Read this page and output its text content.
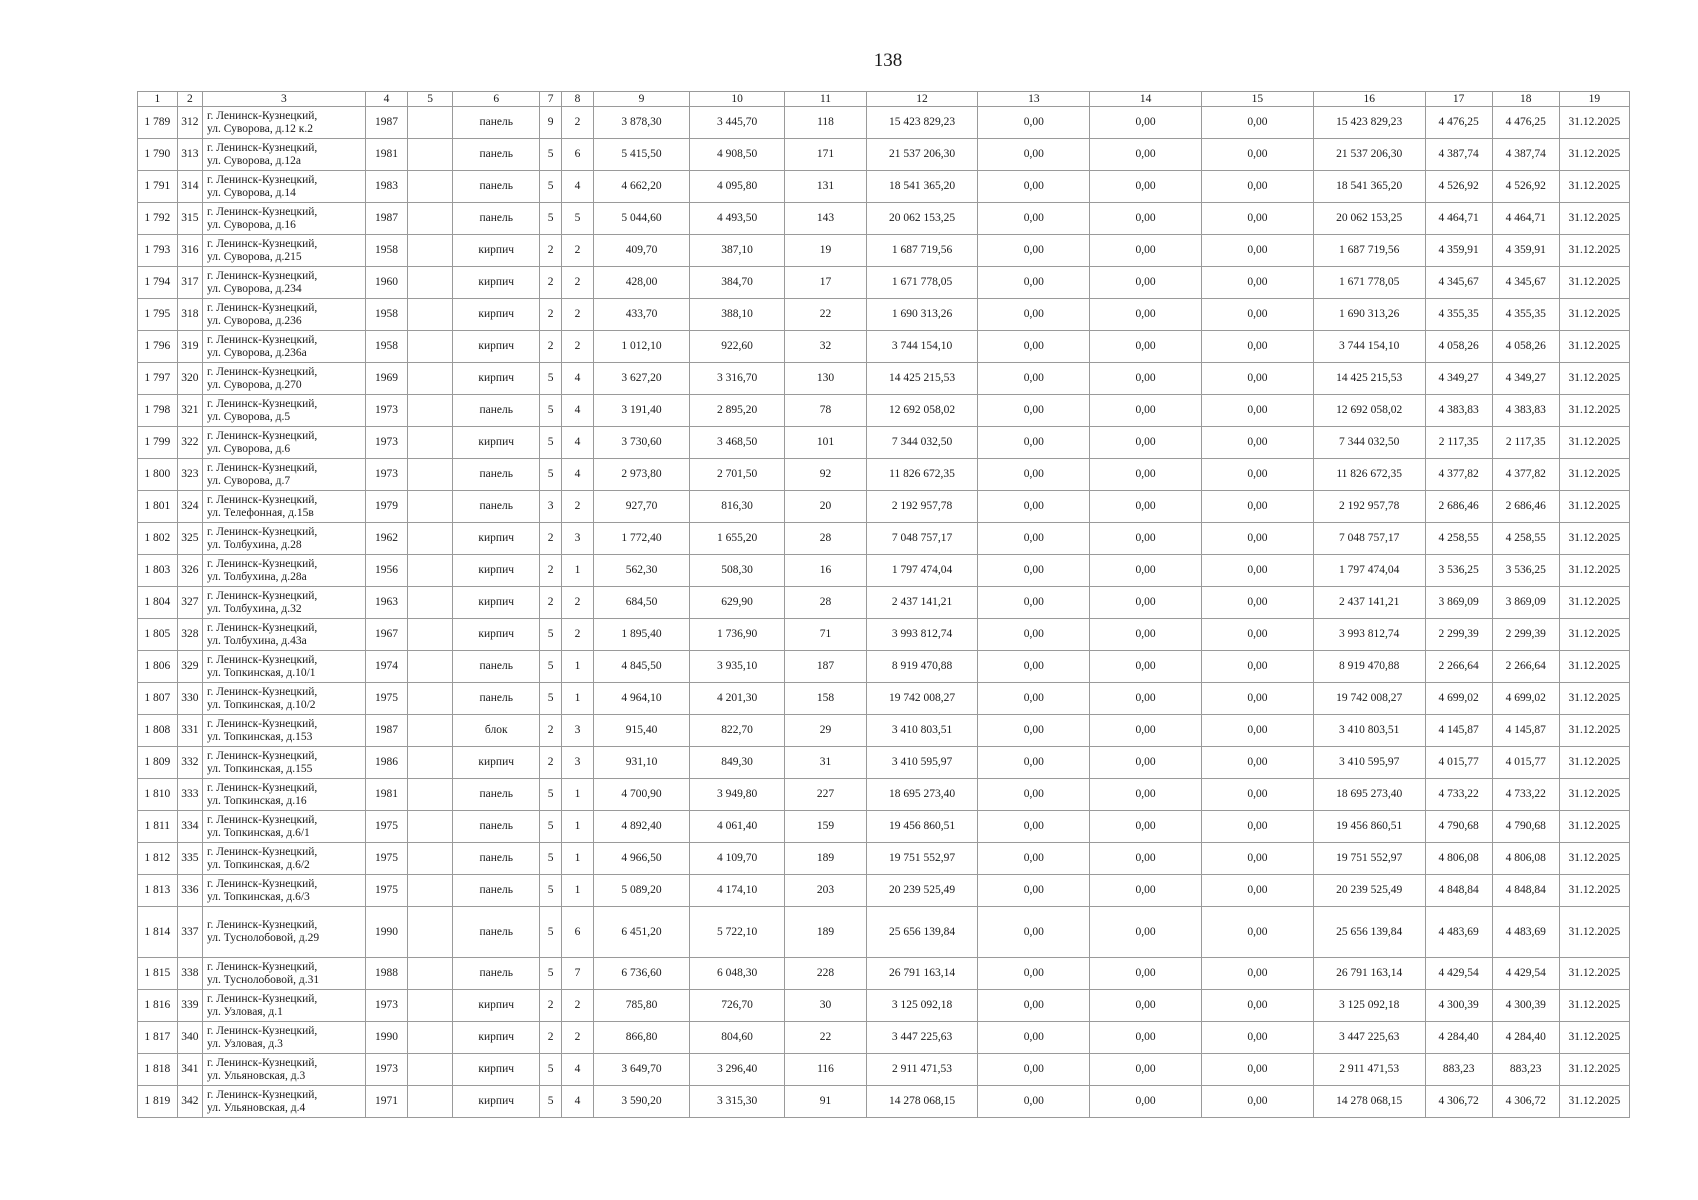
138
1	2	3	4	5	6	7	8	9	10	11	12	13	14	15	16	17	18	19
1 789	312	г. Ленинск-Кузнецкий,
ул. Суворова, д.12 к.2	1987		панель	9	2	3 878,30	3 445,70	118	15 423 829,23	0,00	0,00	0,00	15 423 829,23	4 476,25	4 476,25	31.12.2025
1 790	313	г. Ленинск-Кузнецкий,
ул. Суворова, д.12а	1981		панель	5	6	5 415,50	4 908,50	171	21 537 206,30	0,00	0,00	0,00	21 537 206,30	4 387,74	4 387,74	31.12.2025
1 791	314	г. Ленинск-Кузнецкий,
ул. Суворова, д.14	1983		панель	5	4	4 662,20	4 095,80	131	18 541 365,20	0,00	0,00	0,00	18 541 365,20	4 526,92	4 526,92	31.12.2025
1 792	315	г. Ленинск-Кузнецкий,
ул. Суворова, д.16	1987		панель	5	5	5 044,60	4 493,50	143	20 062 153,25	0,00	0,00	0,00	20 062 153,25	4 464,71	4 464,71	31.12.2025
1 793	316	г. Ленинск-Кузнецкий,
ул. Суворова, д.215	1958		кирпич	2	2	409,70	387,10	19	1 687 719,56	0,00	0,00	0,00	1 687 719,56	4 359,91	4 359,91	31.12.2025
1 794	317	г. Ленинск-Кузнецкий,
ул. Суворова, д.234	1960		кирпич	2	2	428,00	384,70	17	1 671 778,05	0,00	0,00	0,00	1 671 778,05	4 345,67	4 345,67	31.12.2025
1 795	318	г. Ленинск-Кузнецкий,
ул. Суворова, д.236	1958		кирпич	2	2	433,70	388,10	22	1 690 313,26	0,00	0,00	0,00	1 690 313,26	4 355,35	4 355,35	31.12.2025
1 796	319	г. Ленинск-Кузнецкий,
ул. Суворова, д.236а	1958		кирпич	2	2	1 012,10	922,60	32	3 744 154,10	0,00	0,00	0,00	3 744 154,10	4 058,26	4 058,26	31.12.2025
1 797	320	г. Ленинск-Кузнецкий,
ул. Суворова, д.270	1969		кирпич	5	4	3 627,20	3 316,70	130	14 425 215,53	0,00	0,00	0,00	14 425 215,53	4 349,27	4 349,27	31.12.2025
1 798	321	г. Ленинск-Кузнецкий,
ул. Суворова, д.5	1973		панель	5	4	3 191,40	2 895,20	78	12 692 058,02	0,00	0,00	0,00	12 692 058,02	4 383,83	4 383,83	31.12.2025
1 799	322	г. Ленинск-Кузнецкий,
ул. Суворова, д.6	1973		кирпич	5	4	3 730,60	3 468,50	101	7 344 032,50	0,00	0,00	0,00	7 344 032,50	2 117,35	2 117,35	31.12.2025
1 800	323	г. Ленинск-Кузнецкий,
ул. Суворова, д.7	1973		панель	5	4	2 973,80	2 701,50	92	11 826 672,35	0,00	0,00	0,00	11 826 672,35	4 377,82	4 377,82	31.12.2025
1 801	324	г. Ленинск-Кузнецкий,
ул. Телефонная, д.15в	1979		панель	3	2	927,70	816,30	20	2 192 957,78	0,00	0,00	0,00	2 192 957,78	2 686,46	2 686,46	31.12.2025
1 802	325	г. Ленинск-Кузнецкий,
ул. Толбухина, д.28	1962		кирпич	2	3	1 772,40	1 655,20	28	7 048 757,17	0,00	0,00	0,00	7 048 757,17	4 258,55	4 258,55	31.12.2025
1 803	326	г. Ленинск-Кузнецкий,
ул. Толбухина, д.28а	1956		кирпич	2	1	562,30	508,30	16	1 797 474,04	0,00	0,00	0,00	1 797 474,04	3 536,25	3 536,25	31.12.2025
1 804	327	г. Ленинск-Кузнецкий,
ул. Толбухина, д.32	1963		кирпич	2	2	684,50	629,90	28	2 437 141,21	0,00	0,00	0,00	2 437 141,21	3 869,09	3 869,09	31.12.2025
1 805	328	г. Ленинск-Кузнецкий,
ул. Толбухина, д.43а	1967		кирпич	5	2	1 895,40	1 736,90	71	3 993 812,74	0,00	0,00	0,00	3 993 812,74	2 299,39	2 299,39	31.12.2025
1 806	329	г. Ленинск-Кузнецкий,
ул. Топкинская, д.10/1	1974		панель	5	1	4 845,50	3 935,10	187	8 919 470,88	0,00	0,00	0,00	8 919 470,88	2 266,64	2 266,64	31.12.2025
1 807	330	г. Ленинск-Кузнецкий,
ул. Топкинская, д.10/2	1975		панель	5	1	4 964,10	4 201,30	158	19 742 008,27	0,00	0,00	0,00	19 742 008,27	4 699,02	4 699,02	31.12.2025
1 808	331	г. Ленинск-Кузнецкий,
ул. Топкинская, д.153	1987		блок	2	3	915,40	822,70	29	3 410 803,51	0,00	0,00	0,00	3 410 803,51	4 145,87	4 145,87	31.12.2025
1 809	332	г. Ленинск-Кузнецкий,
ул. Топкинская, д.155	1986		кирпич	2	3	931,10	849,30	31	3 410 595,97	0,00	0,00	0,00	3 410 595,97	4 015,77	4 015,77	31.12.2025
1 810	333	г. Ленинск-Кузнецкий,
ул. Топкинская, д.16	1981		панель	5	1	4 700,90	3 949,80	227	18 695 273,40	0,00	0,00	0,00	18 695 273,40	4 733,22	4 733,22	31.12.2025
1 811	334	г. Ленинск-Кузнецкий,
ул. Топкинская, д.6/1	1975		панель	5	1	4 892,40	4 061,40	159	19 456 860,51	0,00	0,00	0,00	19 456 860,51	4 790,68	4 790,68	31.12.2025
1 812	335	г. Ленинск-Кузнецкий,
ул. Топкинская, д.6/2	1975		панель	5	1	4 966,50	4 109,70	189	19 751 552,97	0,00	0,00	0,00	19 751 552,97	4 806,08	4 806,08	31.12.2025
1 813	336	г. Ленинск-Кузнецкий,
ул. Топкинская, д.6/3	1975		панель	5	1	5 089,20	4 174,10	203	20 239 525,49	0,00	0,00	0,00	20 239 525,49	4 848,84	4 848,84	31.12.2025
1 814	337	г. Ленинск-Кузнецкий,
ул. Туснолобовой, д.29	1990		панель	5	6	6 451,20	5 722,10	189	25 656 139,84	0,00	0,00	0,00	25 656 139,84	4 483,69	4 483,69	31.12.2025
1 815	338	г. Ленинск-Кузнецкий,
ул. Туснолобовой, д.31	1988		панель	5	7	6 736,60	6 048,30	228	26 791 163,14	0,00	0,00	0,00	26 791 163,14	4 429,54	4 429,54	31.12.2025
1 816	339	г. Ленинск-Кузнецкий,
ул. Узловая, д.1	1973		кирпич	2	2	785,80	726,70	30	3 125 092,18	0,00	0,00	0,00	3 125 092,18	4 300,39	4 300,39	31.12.2025
1 817	340	г. Ленинск-Кузнецкий,
ул. Узловая, д.3	1990		кирпич	2	2	866,80	804,60	22	3 447 225,63	0,00	0,00	0,00	3 447 225,63	4 284,40	4 284,40	31.12.2025
1 818	341	г. Ленинск-Кузнецкий,
ул. Ульяновская, д.3	1973		кирпич	5	4	3 649,70	3 296,40	116	2 911 471,53	0,00	0,00	0,00	2 911 471,53	883,23	883,23	31.12.2025
1 819	342	г. Ленинск-Кузнецкий,
ул. Ульяновская, д.4	1971		кирпич	5	4	3 590,20	3 315,30	91	14 278 068,15	0,00	0,00	0,00	14 278 068,15	4 306,72	4 306,72	31.12.2025
